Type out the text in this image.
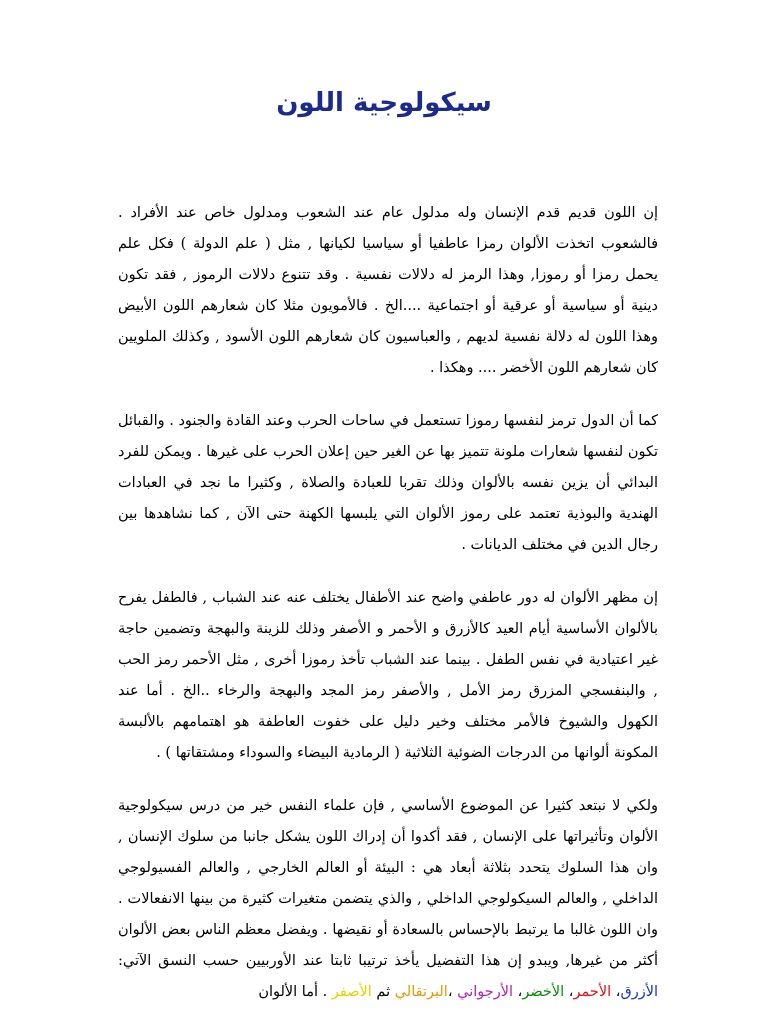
سيكولوجية اللون

إن اللون قديم قدم الإنسان وله مدلول عام عند الشعوب ومدلول خاص عند الأفراد . فالشعوب اتخذت الألوان رمزا عاطفيا أو سياسيا لكيانها , مثل ( علم الدولة ) فكل علم يحمل رمزا أو رموزا, وهذا الرمز له دلالات نفسية . وقد تتنوع دلالات الرموز , فقد تكون دينية أو سياسية أو عرقية أو اجتماعية ....الخ . فالأمويون مثلا كان شعارهم اللون الأبيض وهذا اللون له دلالة نفسية لديهم , والعباسيون كان شعارهم اللون الأسود , وكذلك الملويين كان شعارهم اللون الأخضر .... وهكذا .

كما أن الدول ترمز لنفسها رموزا تستعمل في ساحات الحرب وعند القادة والجنود . والقبائل تكون لنفسها شعارات ملونة تتميز بها عن الغير حين إعلان الحرب على غيرها . ويمكن للفرد البدائي أن يزين نفسه بالألوان وذلك تقربا للعبادة والصلاة , وكثيرا ما نجد في العبادات الهندية والبوذية تعتمد على رموز الألوان التي يلبسها الكهنة حتى الآن , كما نشاهدها بين رجال الدين في مختلف الديانات .

إن مظهر الألوان له دور عاطفي واضح عند الأطفال يختلف عنه عند الشباب , فالطفل يفرح بالألوان الأساسية أيام العيد كالأزرق و الأحمر و الأصفر وذلك للزينة والبهجة وتضمين حاجة غير اعتيادية في نفس الطفل . بينما عند الشباب تأخذ رموزا أخرى , مثل الأحمر رمز الحب , والبنفسجي المزرق رمز الأمل , والأصفر رمز المجد والبهجة والرخاء ..الخ . أما عند الكهول والشيوخ فالأمر مختلف وخير دليل على خفوت العاطفة هو اهتمامهم بالألبسة المكونة ألوانها من الدرجات الضوئية الثلاثية ( الرمادية البيضاء والسوداء ومشتقاتها ) .

ولكي لا نبتعد كثيرا عن الموضوع الأساسي , فإن علماء النفس خير من درس سيكولوجية الألوان وتأثيراتها على الإنسان , فقد أكدوا أن إدراك اللون يشكل جانبا من سلوك الإنسان , وان هذا السلوك يتحدد بثلاثة أبعاد هي : البيئة أو العالم الخارجي , والعالم الفسيولوجي الداخلي , والعالم السيكولوجي الداخلي , والذي يتضمن متغيرات كثيرة من بينها الانفعالات . وان اللون غالبا ما يرتبط بالإحساس بالسعادة أو نقيضها . ويفضل معظم الناس بعض الألوان أكثر من غيرها, ويبدو إن هذا التفضيل يأخذ ترتيبا ثابتا عند الأوربيين حسب النسق الآتي: الأزرق، الأحمر، الأخضر، الأرجواني ،البرتقالي ثم الأصفر . أما الألوان
